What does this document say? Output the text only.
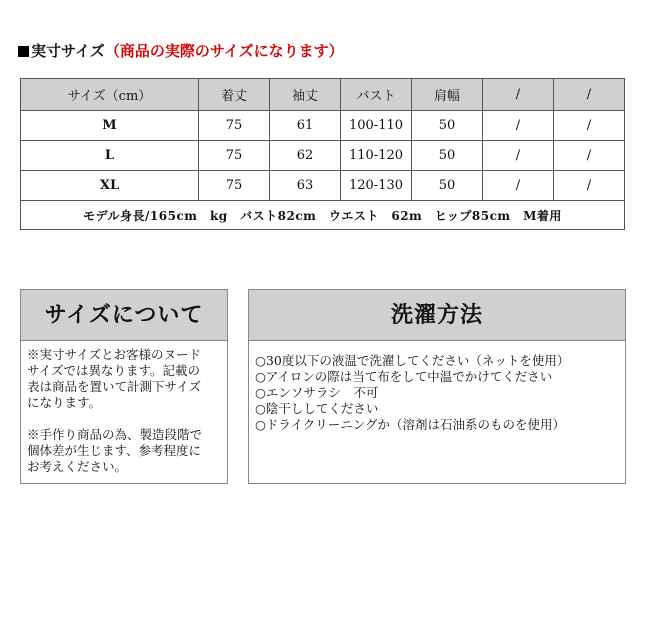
実寸サイズ（商品の実際のサイズになります）
サイズ（cm）	着丈	袖丈	バスト	肩幅	/	/
M	75	61	100-110	50	/	/
L	75	62	110-120	50	/	/
XL	75	63	120-130	50	/	/
モデル身長/165cm　kg　バスト82cm　ウエスト　62m　ヒップ85cm　M着用						
サイズについて

※実寸サイズとお客様のヌード

サイズでは異なります。記載の

表は商品を置いて計測下サイズ

になります。

※手作り商品の為、製造段階で

個体差が生じます、参考程度に

お考えください。

洗濯方法

○30度以下の液温で洗濯してください（ネットを使用）

○アイロンの際は当て布をして中温でかけてください

○エンソサラシ　不可

○陰干ししてください

○ドライクリーニングか（溶剤は石油系のものを使用）
